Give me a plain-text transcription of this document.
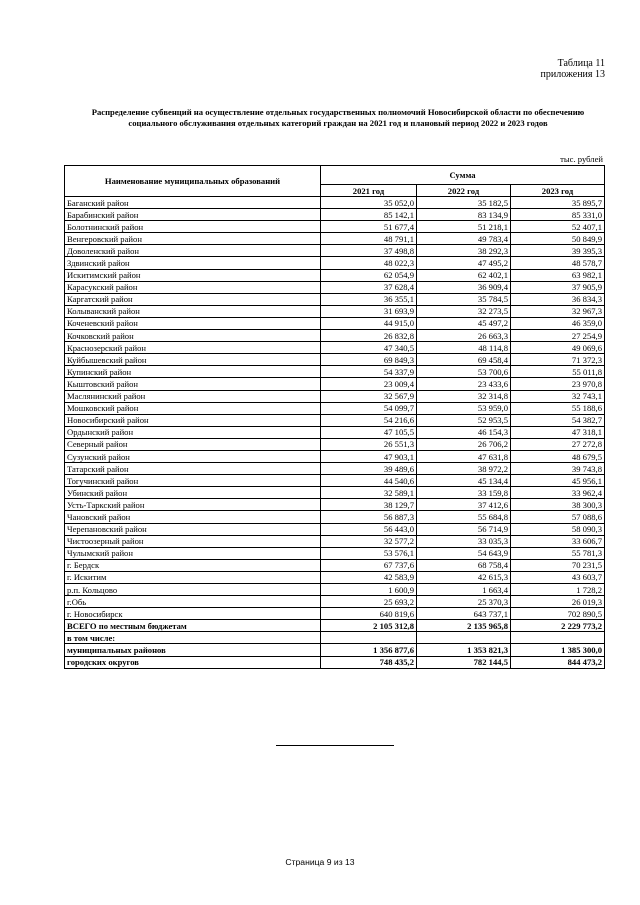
Таблица 11
приложения 13
Распределение субвенций на осуществление отдельных государственных полномочий Новосибирской области по обеспечению социального обслуживания отдельных категорий граждан на 2021 год и плановый период 2022 и 2023 годов
тыс. рублей
Наименование муниципальных образований	Сумма		
	2021 год	2022 год	2023 год
Баганский район	35 052,0	35 182,5	35 895,7
Барабинский район	85 142,1	83 134,9	85 331,0
Болотнинский район	51 677,4	51 218,1	52 407,1
Венгеровский район	48 791,1	49 783,4	50 849,9
Доволенский район	37 498,8	38 292,3	39 395,3
Здвинский район	48 022,3	47 495,2	48 578,7
Искитимский район	62 054,9	62 402,1	63 982,1
Карасукский район	37 628,4	36 909,4	37 905,9
Каргатский район	36 355,1	35 784,5	36 834,3
Колыванский район	31 693,9	32 273,5	32 967,3
Коченевский район	44 915,0	45 497,2	46 359,0
Кочковский район	26 832,8	26 663,3	27 254,9
Краснозерский район	47 340,5	48 114,8	49 069,6
Куйбышевский район	69 849,3	69 458,4	71 372,3
Купинский район	54 337,9	53 700,6	55 011,8
Кыштовский район	23 009,4	23 433,6	23 970,8
Маслянинский район	32 567,9	32 314,8	32 743,1
Мошковский район	54 099,7	53 959,0	55 188,6
Новосибирский район	54 216,6	52 953,5	54 382,7
Ордынский район	47 105,5	46 154,3	47 318,1
Северный район	26 551,3	26 706,2	27 272,8
Сузунский район	47 903,1	47 631,8	48 679,5
Татарский район	39 489,6	38 972,2	39 743,8
Тогучинский район	44 540,6	45 134,4	45 956,1
Убинский район	32 589,1	33 159,8	33 962,4
Усть-Таркский район	38 129,7	37 412,6	38 300,3
Чановский район	56 887,3	55 684,8	57 088,6
Черепановский район	56 443,0	56 714,9	58 090,3
Чистоозерный район	32 577,2	33 035,3	33 606,7
Чулымский район	53 576,1	54 643,9	55 781,3
г. Бердск	67 737,6	68 758,4	70 231,5
г. Искитим	42 583,9	42 615,3	43 603,7
р.п. Кольцово	1 600,9	1 663,4	1 728,2
г.Обь	25 693,2	25 370,3	26 019,3
г. Новосибирск	640 819,6	643 737,1	702 890,5
ВСЕГО по местным бюджетам	2 105 312,8	2 135 965,8	2 229 773,2
в том числе:			
муниципальных районов	1 356 877,6	1 353 821,3	1 385 300,0
городских округов	748 435,2	782 144,5	844 473,2
Страница 9 из 13
